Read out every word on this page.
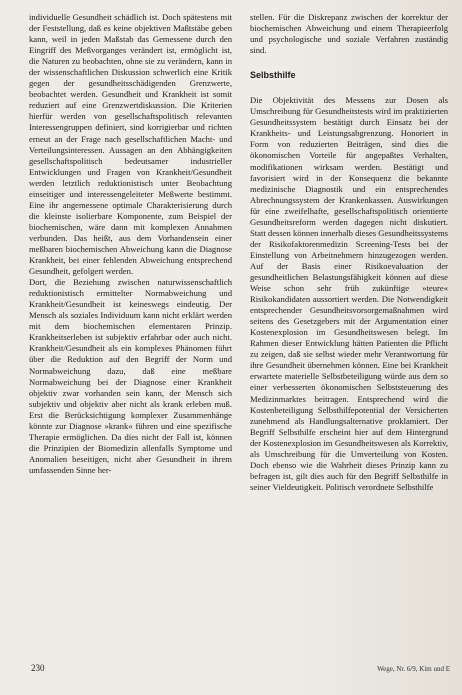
individuelle Gesundheit schädlich ist. Doch spätestens mit der Feststellung, daß es keine objektiven Maßtstäbe geben kann, weil in jeden Maßstab das Gemessene durch den Eingriff des Meßvorganges verändert ist, ermöglicht ist, die Naturen zu beobachten, ohne sie zu verändern, kann in der wissenschaftlichen Diskussion schwerlich eine Kritik gegen der gesundheitsschädigenden Grenzwerte, beobachtet werden. Gesundheit und Krankheit ist somit reduziert auf eine Grenzwertdiskussion. Die Kriterien hierfür werden von gesellschaftspolitisch relevanten Interessengruppen definiert, sind korrigierbar und richten erneut an der Frage nach gesellschaftlichen Macht- und Verteilungsinteressen. Aussagen an den Abhängigkeiten gesellschaftspolitisch bedeutsamer industrieller Entwicklungen und Fragen von Krankheit/Gesundheit werden letztlich reduktionistisch unter Beobachtung einseitiger und interessengeleiteter Meßwerte bestimmt. Eine ihr angemessene optimale Charakterisierung durch die kleinste isolierbare Komponente, zum Beispiel der biochemischen, wäre dann mit komplexen Annahmen verbunden. Das heißt, aus dem Vorhandensein einer meßbaren biochemischen Abweichung kann die Diagnose Krankheit, bei einer fehlenden Abweichung entsprechend Gesundheit, gefolgert werden.

Dort, die Beziehung zwischen naturwissenschaftlich reduktionistisch ermittelter Normabweichung und Krankheit/Gesundheit ist keineswegs eindeutig. Der Mensch als soziales Individuum kann nicht erklärt werden mit dem biochemischen elementaren Prinzip. Krankheitserleben ist subjektiv erfahrbar oder auch nicht. Krankheit/Gesundheit als ein komplexes Phänomen führt über die Reduktion auf den Begriff der Norm und Normabweichung dazu, daß eine meßbare Normabweichung bei der Diagnose einer Krankheit objektiv zwar vorhanden sein kann, der Mensch sich subjektiv und objektiv aber nicht als krank erleben muß. Erst die Berücksichtigung komplexer Zusammenhänge könnte zur Diagnose »krank« führen und eine spezifische Therapie ermöglichen. Da dies nicht der Fall ist, können die Prinzipien der Biomedizin allenfalls Symptome und Anomalien beseitigen, nicht aber Gesundheit in ihrem umfassenden Sinne her-

stellen. Für die Diskrepanz zwischen der korrektur der biochemischen Abweichung und einem Therapieerfolg und psychologische und soziale Verfahren zuständig sind.

Selbsthilfe

Die Objektivität des Messens zur Dosen als Umschreibung für Gesundheitstests wird im praktizierten Gesundheitssystem bestätigt durch Einsatz bei der Krankheits- und Leistungsabgrenzung. Honoriert in Form von reduzierten Beiträgen, sind dies die ökonomischen Vorteile für angepaßtes Verhalten, modifikationen wirksam werden. Bestätigt und favorisiert wird in der Konsequenz die bekannte medizinische Diagnostik und ein entsprechendes Abrechnungssystem der Krankenkassen. Auswirkungen für eine zweifelhafte, gesellschaftspolitisch orientierte Gesundheitsreform werden dagegen nicht diskutiert. Statt dessen können innerhalb dieses Gesundheitssystems der Risikofaktorenmedizin Screening-Tests bei der Einstellung von Arbeitnehmern hinzugezogen werden. Auf der Basis einer Risikoevaluation der gesundheitlichen Belastungsfähigkeit können auf diese Weise schon sehr früh zukünftige »teure« Risikokandidaten aussortiert werden. Die Notwendigkeit entsprechender Gesundheitsvorsorgemaßnahmen wird seitens des Gesetzgebers mit der Argumentation einer Kostenexplosion im Gesundheitswesen belegt. Im Rahmen dieser Entwicklung hätten Patienten die Pflicht zu zeigen, daß sie selbst wieder mehr Verantwortung für ihre Gesundheit übernehmen können. Eine bei Krankheit erwartete materielle Selbstbeteiligung würde aus dem so einer verbesserten ökonomischen Selbststeuerung des Medizinmarktes beitragen. Entsprechend wird die Kostenbeteiligung Selbsthilfepotential der Versicherten zunehmend als Handlungsalternative proklamiert. Der Begriff Selbsthilfe erscheint hier auf dem Hintergrund der Kostenexplosion im Gesundheitswesen als Korrektiv, als Umschreibung für die Umverteilung von Kosten. Doch ebenso wie die Wahrheit dieses Prinzip kann zu befragen ist, gilt dies auch für den Begriff Selbsthilfe in seiner Vieldeutigkeit. Politisch verordnete Selbsthilfe

230	Wege, Nr. 6/9, Kim und E
